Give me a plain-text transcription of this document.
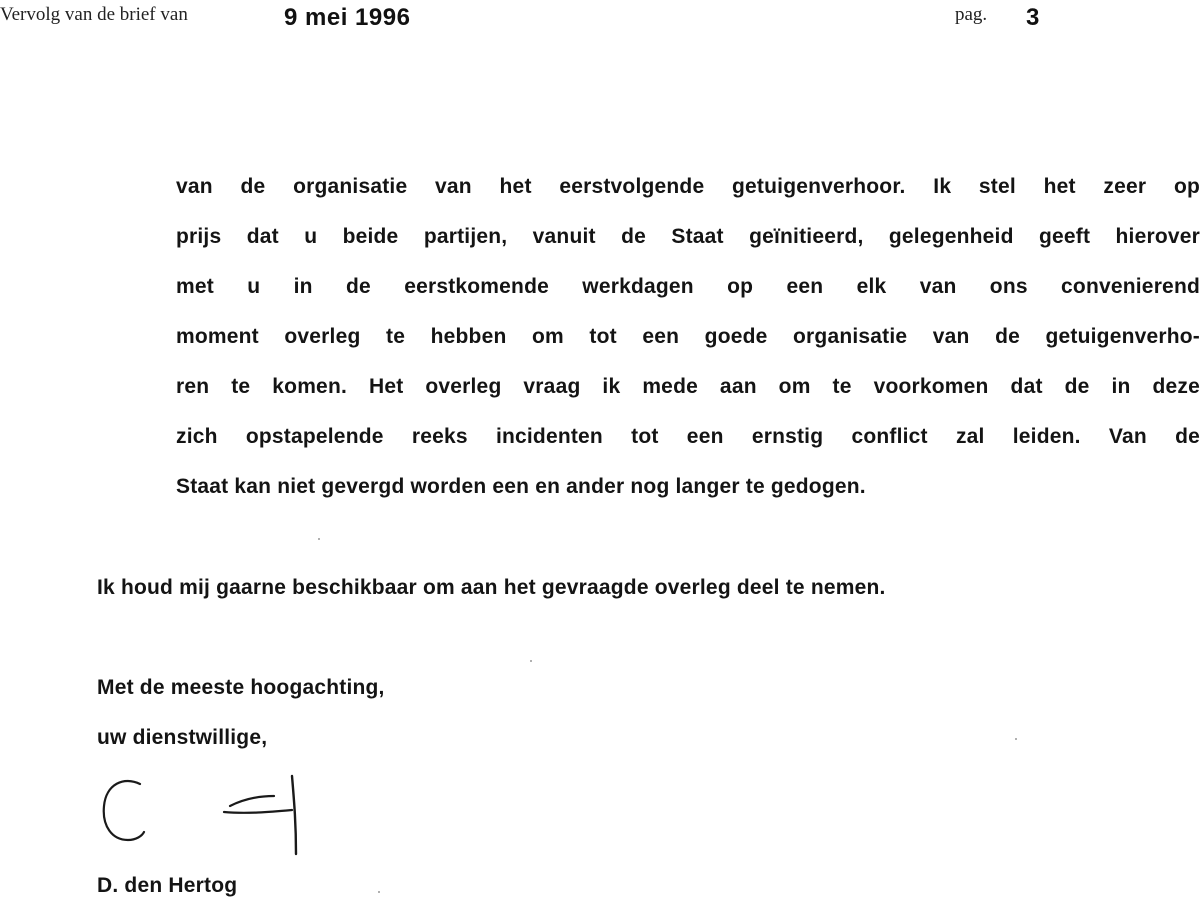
Vervolg van de brief van	9 mei 1996	pag. 3
van de organisatie van het eerstvolgende getuigenverhoor. Ik stel het zeer op
prijs dat u beide partijen, vanuit de Staat geïnitieerd, gelegenheid geeft hierover
met u in de eerstkomende werkdagen op een elk van ons convenierend
moment overleg te hebben om tot een goede organisatie van de getuigenverho-
ren te komen. Het overleg vraag ik mede aan om te voorkomen dat de in deze
zich opstapelende reeks incidenten tot een ernstig conflict zal leiden. Van de
Staat kan niet gevergd worden een en ander nog langer te gedogen.
Ik houd mij gaarne beschikbaar om aan het gevraagde overleg deel te nemen.
Met de meeste hoogachting,
uw dienstwillige,
D. den Hertog
